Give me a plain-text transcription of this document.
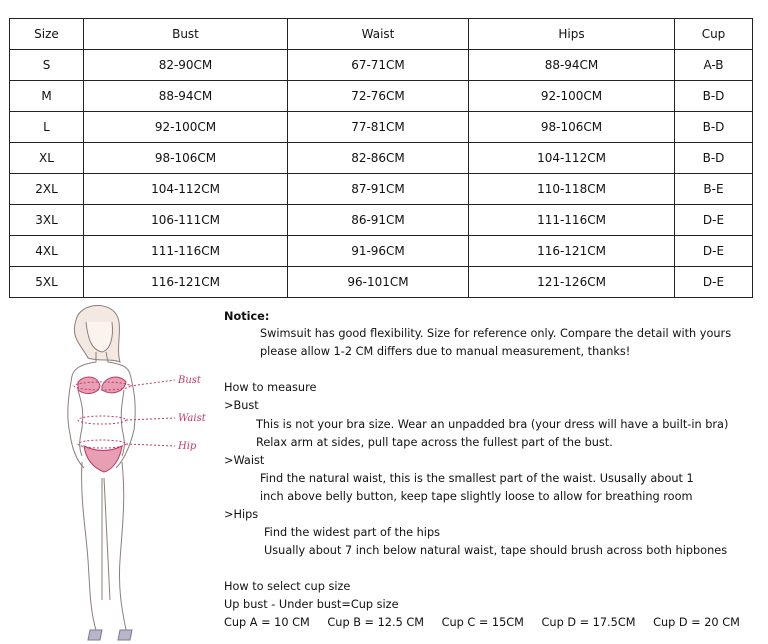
Size	Bust	Waist	Hips	Cup
S	82-90CM	67-71CM	88-94CM	A-B
M	88-94CM	72-76CM	92-100CM	B-D
L	92-100CM	77-81CM	98-106CM	B-D
XL	98-106CM	82-86CM	104-112CM	B-D
2XL	104-112CM	87-91CM	110-118CM	B-E
3XL	106-111CM	86-91CM	111-116CM	D-E
4XL	111-116CM	91-96CM	116-121CM	D-E
5XL	116-121CM	96-101CM	121-126CM	D-E
Bust
Waist
Hip
Notice:
Swimsuit has good flexibility. Size for reference only. Compare the detail with yours
please allow 1-2 CM differs due to manual measurement, thanks!
How to measure
>Bust
This is not your bra size. Wear an unpadded bra (your dress will have a built-in bra)
Relax arm at sides, pull tape across the fullest part of the bust.
>Waist
Find the natural waist, this is the smallest part of the waist. Ususally about 1
inch above belly button, keep tape slightly loose to allow for breathing room
>Hips
Find the widest part of the hips
Usually about 7 inch below natural waist, tape should brush across both hipbones
How to select cup size
Up bust - Under bust=Cup size
Cup A = 10 CM Cup B = 12.5 CM Cup C = 15CM Cup D = 17.5CM Cup D = 20 CM
